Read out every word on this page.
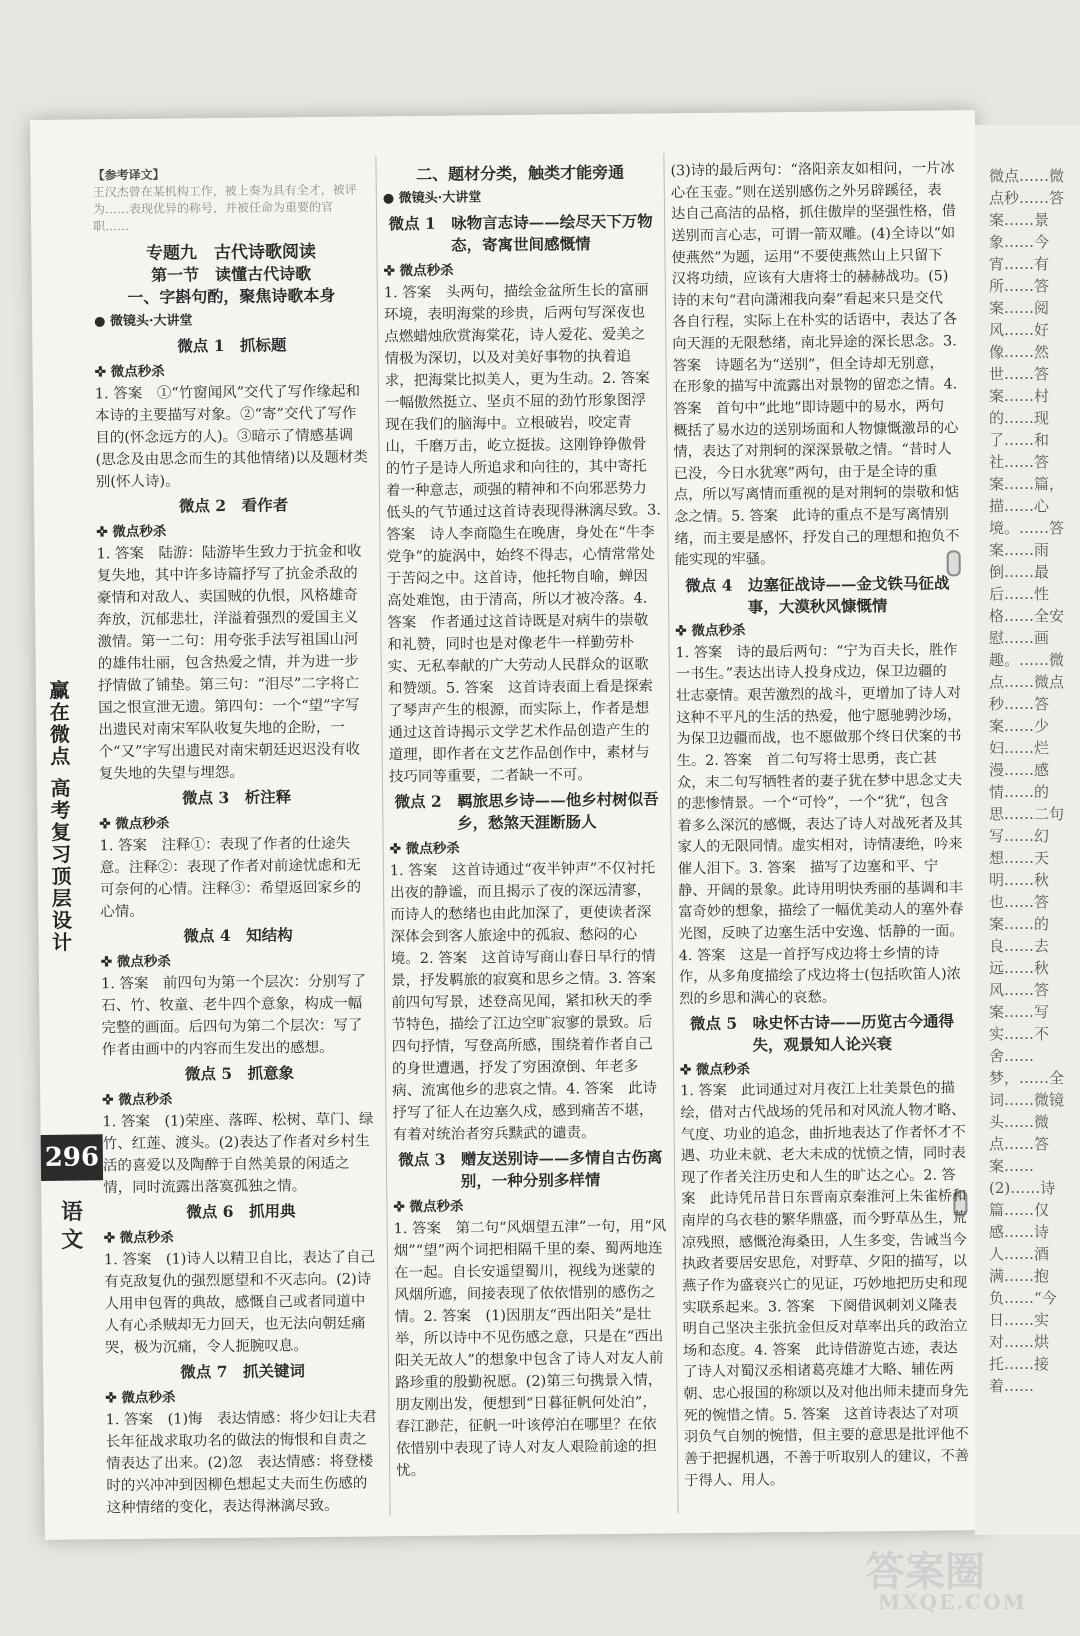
赢在微点
高考复习顶层设计
296
语文
【参考译文】

王汉杰曾在某机构工作，被上奏为具有全才，被评为……表现优异的称号，并被任命为重要的官职……

专题九　古代诗歌阅读
第一节　读懂古代诗歌
一、字斟句酌，聚焦诗歌本身
● 微镜头·大讲堂
微点 1　抓标题
✜ 微点秒杀

1. 答案　①“竹窗闻风”交代了写作缘起和本诗的主要描写对象。②“寄”交代了写作目的(怀念远方的人)。③暗示了情感基调(思念及由思念而生的其他情绪)以及题材类别(怀人诗)。

微点 2　看作者
✜ 微点秒杀

1. 答案　陆游：陆游毕生致力于抗金和收复失地，其中许多诗篇抒写了抗金杀敌的豪情和对敌人、卖国贼的仇恨，风格雄奇奔放，沉郁悲壮，洋溢着强烈的爱国主义激情。第一二句：用夸张手法写祖国山河的雄伟壮丽，包含热爱之情，并为进一步抒情做了铺垫。第三句：“泪尽”二字将亡国之恨宣泄无遗。第四句：一个“望”字写出遗民对南宋军队收复失地的企盼，一个“又”字写出遗民对南宋朝廷迟迟没有收复失地的失望与埋怨。

微点 3　析注释
✜ 微点秒杀

1. 答案　注释①：表现了作者的仕途失意。注释②：表现了作者对前途忧虑和无可奈何的心情。注释③：希望返回家乡的心情。

微点 4　知结构
✜ 微点秒杀

1. 答案　前四句为第一个层次：分别写了石、竹、牧童、老牛四个意象，构成一幅完整的画面。后四句为第二个层次：写了作者由画中的内容而生发出的感想。

微点 5　抓意象
✜ 微点秒杀

1. 答案　(1)荣座、落晖、松树、草门、绿竹、红莲、渡头。(2)表达了作者对乡村生活的喜爱以及陶醉于自然美景的闲适之情，同时流露出落寞孤独之情。

微点 6　抓用典
✜ 微点秒杀

1. 答案　(1)诗人以精卫自比，表达了自己有克敌复仇的强烈愿望和不灭志向。(2)诗人用申包胥的典故，感慨自己或者同道中人有心杀贼却无力回天，也无法向朝廷痛哭，极为沉痛，令人扼腕叹息。

微点 7　抓关键词
✜ 微点秒杀

1. 答案　(1)悔　表达情感：将少妇让夫君长年征战求取功名的做法的悔恨和自责之情表达了出来。(2)忽　表达情感：将登楼时的兴冲冲到因柳色想起丈夫而生伤感的这种情绪的变化，表达得淋漓尽致。

二、题材分类，触类才能旁通
● 微镜头·大讲堂
微点 1　咏物言志诗——绘尽天下万物态，寄寓世间感慨情
✜ 微点秒杀

1. 答案　头两句，描绘金盆所生长的富丽环境，表明海棠的珍贵，后两句写深夜也点燃蜡烛欣赏海棠花，诗人爱花、爱美之情极为深切，以及对美好事物的执着追求，把海棠比拟美人，更为生动。2. 答案　一幅傲然挺立、坚贞不屈的劲竹形象图浮现在我们的脑海中。立根破岩，咬定青山，千磨万击，屹立挺拔。这刚铮铮傲骨的竹子是诗人所追求和向往的，其中寄托着一种意志，顽强的精神和不向邪恶势力低头的气节通过这首诗表现得淋漓尽致。3. 答案　诗人李商隐生在晚唐，身处在“牛李党争”的旋涡中，始终不得志，心情常常处于苦闷之中。这首诗，他托物自喻，蝉因高处难饱，由于清高，所以才被冷落。4. 答案　作者通过这首诗既是对病牛的崇敬和礼赞，同时也是对像老牛一样勤劳朴实、无私奉献的广大劳动人民群众的讴歌和赞颂。5. 答案　这首诗表面上看是探索了琴声产生的根源，而实际上，作者是想通过这首诗揭示文学艺术作品创造产生的道理，即作者在文艺作品创作中，素材与技巧同等重要，二者缺一不可。

微点 2　羁旅思乡诗——他乡村树似吾乡，愁煞天涯断肠人
✜ 微点秒杀

1. 答案　这首诗通过“夜半钟声”不仅衬托出夜的静谧，而且揭示了夜的深远清寥，而诗人的愁绪也由此加深了，更使读者深深体会到客人旅途中的孤寂、愁闷的心境。2. 答案　这首诗写商山春日早行的情景，抒发羁旅的寂寞和思乡之情。3. 答案　前四句写景，述登高见闻，紧扣秋天的季节特色，描绘了江边空旷寂寥的景致。后四句抒情，写登高所感，围绕着作者自己的身世遭遇，抒发了穷困潦倒、年老多病、流寓他乡的悲哀之情。4. 答案　此诗抒写了征人在边塞久戍，感到痛苦不堪，有着对统治者穷兵黩武的谴责。

微点 3　赠友送别诗——多情自古伤离别，一种分别多样情
✜ 微点秒杀

1. 答案　第二句“风烟望五津”一句，用“风烟”“望”两个词把相隔千里的秦、蜀两地连在一起。自长安遥望蜀川，视线为迷蒙的风烟所遮，间接表现了依依惜别的感伤之情。2. 答案　(1)因朋友“西出阳关”是壮举，所以诗中不见伤感之意，只是在“西出阳关无故人”的想象中包含了诗人对友人前路珍重的殷勤祝愿。(2)第三句携景入情，朋友刚出发，便想到“日暮征帆何处泊”，春江渺茫，征帆一叶该停泊在哪里？在依依惜别中表现了诗人对友人艰险前途的担忧。

(3)诗的最后两句：“洛阳亲友如相问，一片冰心在玉壶。”则在送别感伤之外另辟蹊径，表达自己高洁的品格，抓住傲岸的坚强性格，借送别而言心志，可谓一箭双雕。(4)全诗以“如使燕然”为题，运用“不要使燕然山上只留下汉将功绩，应该有大唐将士的赫赫战功。(5)诗的末句“君向潇湘我向秦”看起来只是交代各自行程，实际上在朴实的话语中，表达了各向天涯的无限愁绪，南北异途的深长思念。3. 答案　诗题名为“送别”，但全诗却无别意，在形象的描写中流露出对景物的留恋之情。4. 答案　首句中“此地”即诗题中的易水，两句概括了易水边的送别场面和人物慷慨激昂的心情，表达了对荆轲的深深景敬之情。“昔时人已没，今日水犹寒”两句，由于是全诗的重点，所以写离情而重视的是对荆轲的崇敬和惦念之情。5. 答案　此诗的重点不是写离情别绪，而主要是感怀，抒发自己的理想和抱负不能实现的牢骚。

微点 4　边塞征战诗——金戈铁马征战事，大漠秋风慷慨情
✜ 微点秒杀

1. 答案　诗的最后两句：“宁为百夫长，胜作一书生。”表达出诗人投身戍边，保卫边疆的壮志豪情。艰苦激烈的战斗，更增加了诗人对这种不平凡的生活的热爱，他宁愿驰骋沙场，为保卫边疆而战，也不愿做那个终日伏案的书生。2. 答案　首二句写将士思勇，丧亡甚众，末二句写牺牲者的妻子犹在梦中思念丈夫的悲惨情景。一个“可怜”，一个“犹”，包含着多么深沉的感慨，表达了诗人对战死者及其家人的无限同情。虚实相对，诗情凄绝，吟来催人泪下。3. 答案　描写了边塞和平、宁静、开阔的景象。此诗用明快秀丽的基调和丰富奇妙的想象，描绘了一幅优美动人的塞外春光图，反映了边塞生活中安逸、恬静的一面。4. 答案　这是一首抒写戍边将士乡情的诗作，从多角度描绘了戍边将士(包括吹笛人)浓烈的乡思和满心的哀愁。

微点 5　咏史怀古诗——历览古今通得失，观景知人论兴衰
✜ 微点秒杀

1. 答案　此词通过对月夜江上壮美景色的描绘，借对古代战场的凭吊和对风流人物才略、气度、功业的追念，曲折地表达了作者怀才不遇、功业未就、老大未成的忧愤之情，同时表现了作者关注历史和人生的旷达之心。2. 答案　此诗凭吊昔日东晋南京秦淮河上朱雀桥和南岸的乌衣巷的繁华鼎盛，而今野草丛生，荒凉残照，感慨沧海桑田，人生多变，告诫当今执政者要居安思危，对野草、夕阳的描写，以燕子作为盛衰兴亡的见证，巧妙地把历史和现实联系起来。3. 答案　下阕借讽刺刘义隆表明自己坚决主张抗金但反对草率出兵的政治立场和态度。4. 答案　此诗借游览古迹，表达了诗人对蜀汉丞相诸葛亮雄才大略、辅佐两朝、忠心报国的称颂以及对他出师未捷而身先死的惋惜之情。5. 答案　这首诗表达了对项羽负气自刎的惋惜，但主要的意思是批评他不善于把握机遇，不善于听取别人的建议，不善于得人、用人。

微点……微点秒……答案……景象……今宵……有所……答案……阅风……好像……然世……答案……村的……现了……和社……答案……篇，描……心境。……答案……雨倒……最后……性格……全安慰……画趣。……微点……微点秒……答案……少妇……烂漫……感情……的思……二句写……幻想……天明……秋也……答案……的良……去远……秋风……答案……写实……不舍……梦，……全词……微镜头……微点……答案……(2)……诗篇……仅感……诗人……酒满……抱负……“今日……实对……烘托……接着……
答案圈
MXQE.COM
